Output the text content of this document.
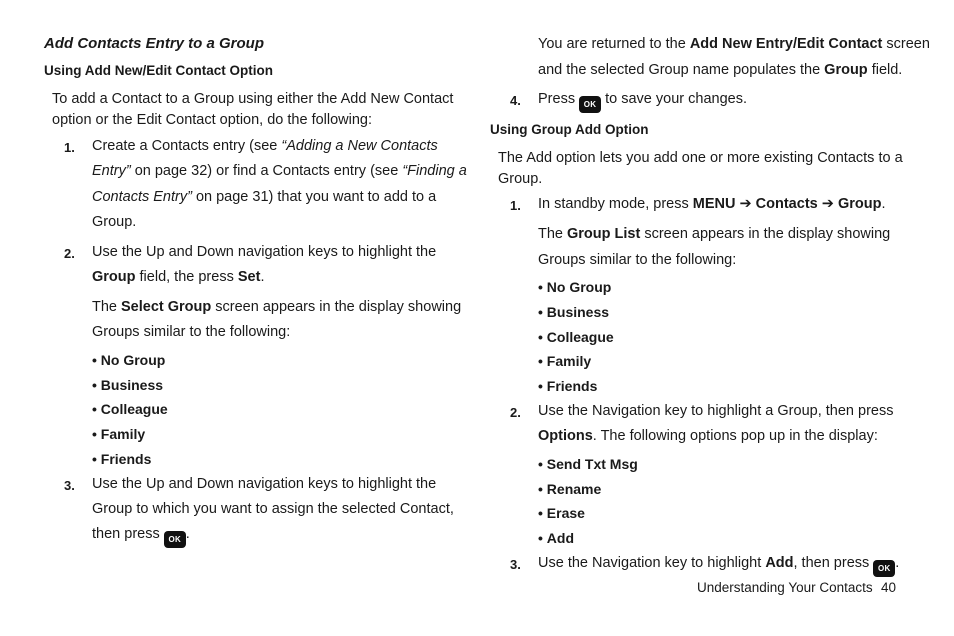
Add Contacts Entry to a Group
Using Add New/Edit Contact Option
To add a Contact to a Group using either the Add New Contact
option or the Edit Contact option, do the following:
1. Create a Contacts entry (see “Adding a New Contacts
Entry” on page 32) or find a Contacts entry (see “Finding a
Contacts Entry” on page 31) that you want to add to a
Group.
2. Use the Up and Down navigation keys to highlight the
Group field, the press Set.
The Select Group screen appears in the display showing
Groups similar to the following:
• No Group
• Business
• Colleague
• Family
• Friends
3. Use the Up and Down navigation keys to highlight the
Group to which you want to assign the selected Contact,
then press OK .
You are returned to the Add New Entry/Edit Contact screen
and the selected Group name populates the Group field.
4. Press OK to save your changes.
Using Group Add Option
The Add option lets you add one or more existing Contacts to a
Group.
1. In standby mode, press MENU ➔ Contacts ➔ Group.
The Group List screen appears in the display showing
Groups similar to the following:
• No Group
• Business
• Colleague
• Family
• Friends
2. Use the Navigation key to highlight a Group, then press
Options. The following options pop up in the display:
• Send Txt Msg
• Rename
• Erase
• Add
3. Use the Navigation key to highlight Add, then press OK .
Understanding Your Contacts 40
